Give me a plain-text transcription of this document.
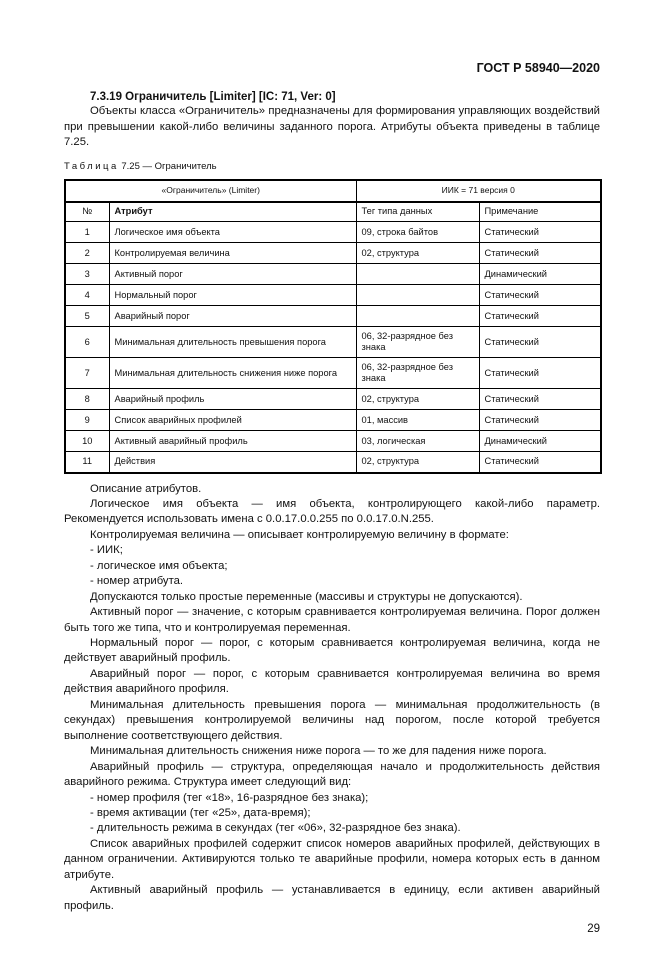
ГОСТ Р 58940—2020
7.3.19 Ограничитель [Limiter] [IC: 71, Ver: 0]

Объекты класса «Ограничитель» предназначены для формирования управляющих воздействий при превышении какой-либо величины заданного порога. Атрибуты объекта приведены в таблице 7.25.

Таблица 7.25 — Ограничитель
«Ограничитель» (Limiter)		ИИК = 71 версия 0	
№	Атрибут	Тег типа данных	Примечание
1	Логическое имя объекта	09, строка байтов	Статический
2	Контролируемая величина	02, структура	Статический
3	Активный порог		Динамический
4	Нормальный порог		Статический
5	Аварийный порог		Статический
6	Минимальная длительность превышения порога	06, 32-разрядное без знака	Статический
7	Минимальная длительность снижения ниже порога	06, 32-разрядное без знака	Статический
8	Аварийный профиль	02, структура	Статический
9	Список аварийных профилей	01, массив	Статический
10	Активный аварийный профиль	03, логическая	Динамический
11	Действия	02, структура	Статический

Описание атрибутов.

Логическое имя объекта — имя объекта, контролирующего какой-либо параметр. Рекомендуется использовать имена с 0.0.17.0.0.255 по 0.0.17.0.N.255.

Контролируемая величина — описывает контролируемую величину в формате:

- ИИК;

- логическое имя объекта;

- номер атрибута.

Допускаются только простые переменные (массивы и структуры не допускаются).

Активный порог — значение, с которым сравнивается контролируемая величина. Порог должен быть того же типа, что и контролируемая переменная.

Нормальный порог — порог, с которым сравнивается контролируемая величина, когда не действует аварийный профиль.

Аварийный порог — порог, с которым сравнивается контролируемая величина во время действия аварийного профиля.

Минимальная длительность превышения порога — минимальная продолжительность (в секундах) превышения контролируемой величины над порогом, после которой требуется выполнение соответствующего действия.

Минимальная длительность снижения ниже порога — то же для падения ниже порога.

Аварийный профиль — структура, определяющая начало и продолжительность действия аварийного режима. Структура имеет следующий вид:

- номер профиля (тег «18», 16-разрядное без знака);

- время активации (тег «25», дата-время);

- длительность режима в секундах (тег «06», 32-разрядное без знака).

Список аварийных профилей содержит список номеров аварийных профилей, действующих в данном ограничении. Активируются только те аварийные профили, номера которых есть в данном атрибуте.

Активный аварийный профиль — устанавливается в единицу, если активен аварийный профиль.

29
